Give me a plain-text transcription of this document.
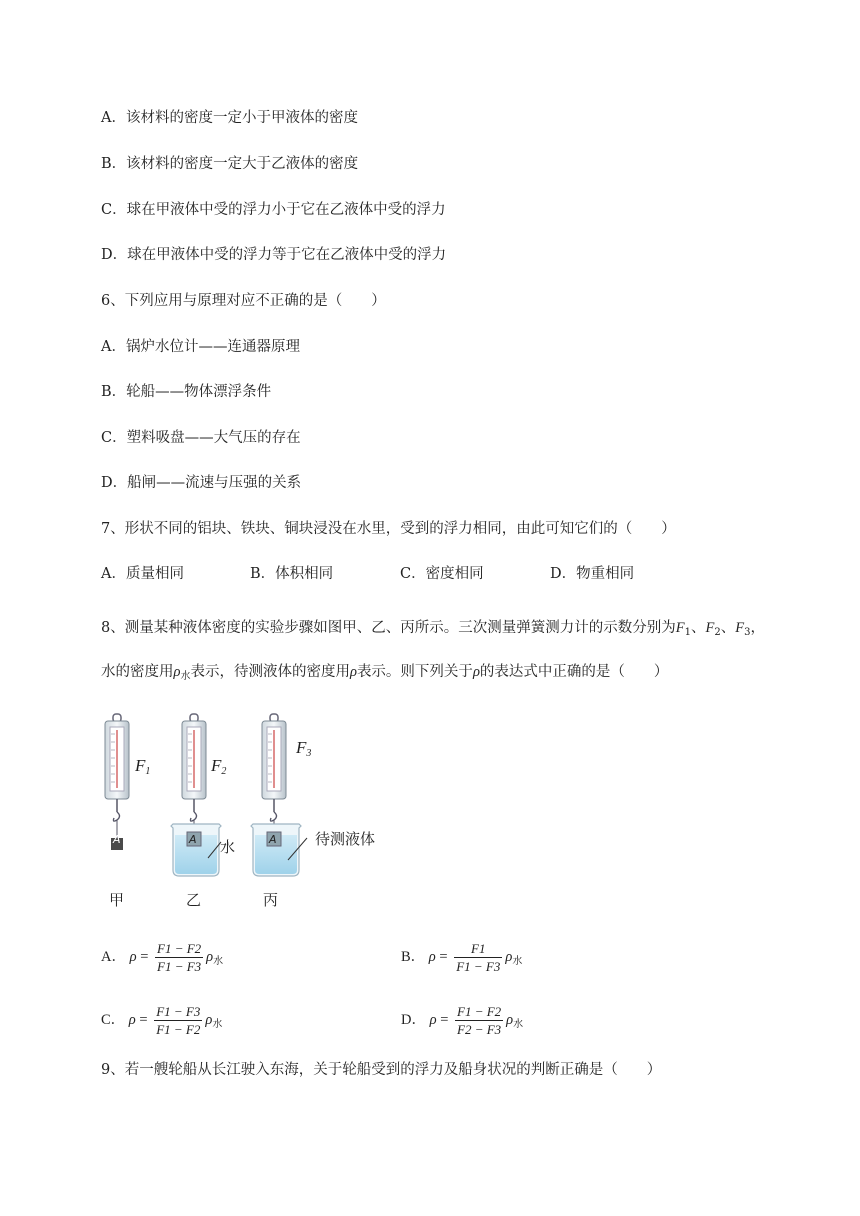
A．该材料的密度一定小于甲液体的密度
B．该材料的密度一定大于乙液体的密度
C．球在甲液体中受的浮力小于它在乙液体中受的浮力
D．球在甲液体中受的浮力等于它在乙液体中受的浮力
6、下列应用与原理对应不正确的是（　　）
A．锅炉水位计——连通器原理
B．轮船——物体漂浮条件
C．塑料吸盘——大气压的存在
D．船闸——流速与压强的关系
7、形状不同的铝块、铁块、铜块浸没在水里，受到的浮力相同，由此可知它们的（　　）
A．质量相同	B．体积相同	C．密度相同	D．物重相同
8、测量某种液体密度的实验步骤如图甲、乙、丙所示。三次测量弹簧测力计的示数分别为$F_1$、$F_2$、$F_3$，
水的密度用$\rho_水$表示，待测液体的密度用ρ表示。则下列关于ρ的表达式中正确的是（　　）
$F_1$	$F_2$
$F_3$
A	A	A
水	待测液体
甲	乙	丙
A． $\rho = \frac{F1 - F2}{F1 - F3} \rho_水$	B． $\rho = \frac{F1}{F1 - F3} \rho_水$
C． $\rho = \frac{F1 - F3}{F1 - F2} \rho_水$	D． $\rho = \frac{F1 - F2}{F2 - F3} \rho_水$
9、若一艘轮船从长江驶入东海，关于轮船受到的浮力及船身状况的判断正确是（　　）
